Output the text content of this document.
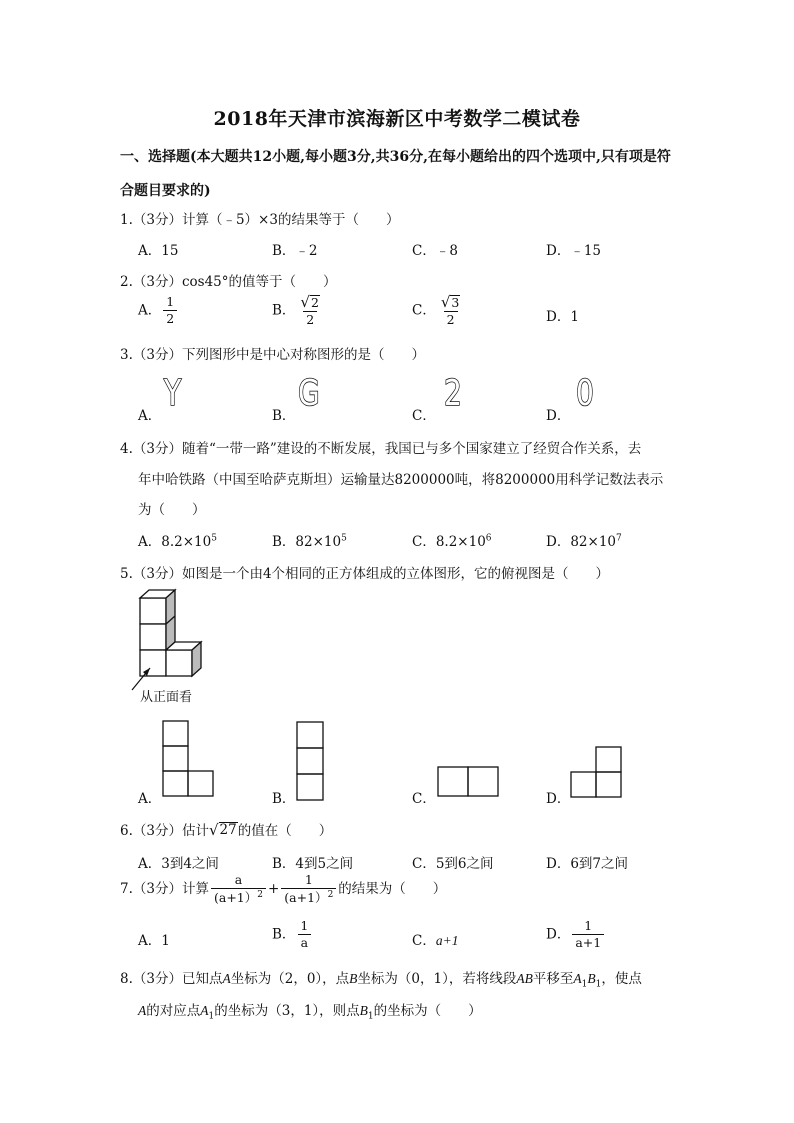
2018年天津市滨海新区中考数学二模试卷
一、选择题(本大题共12小题,每小题3分,共36分,在每小题给出的四个选项中,只有项是符
合题目要求的)
1.（3分）计算（﹣5）×3的结果等于（　　）
A．15	B．﹣2	C．﹣8	D．﹣15
2.（3分）cos45°的值等于（　　）
A． $\frac{1}{2}$	B． $\frac{√ 2}{2}$	C． $\frac{√ 3}{2}$	D．1
3.（3分）下列图形中是中心对称图形的是（　　）
A．
Y
B．
G
C．
2
D．
0
4.（3分）随着“一带一路”建设的不断发展，我国已与多个国家建立了经贸合作关系，去
年中哈铁路（中国至哈萨克斯坦）运输量达8200000吨，将8200000用科学记数法表示
为（　　）
A．$8.2\times 10^5$	B．$82\times 10^5$	C．$8.2\times 10^6$	D．$82\times 10^7$
5.（3分）如图是一个由4个相同的正方体组成的立体图形，它的俯视图是（　　）
从正面看
A．	B．	C．	D．
6.（3分）估计 √ 27 的值在（　　）
A．3到4之间	B．4到5之间	C．5到6之间	D．6到7之间
7.（3分）计算 $\frac{a}{(a+1)^2} + \frac{1}{(a+1)^2}$ 的结果为（　　）
A．1	B． $\frac{1}{a}$	C．a+1	D． $\frac{1}{a+1}$
8.（3分）已知点A坐标为（2，0），点B坐标为（0，1），若将线段AB平移至$A_1B_1$，使点
A的对应点$A_1$的坐标为（3，1），则点$B_1$的坐标为（　　）
